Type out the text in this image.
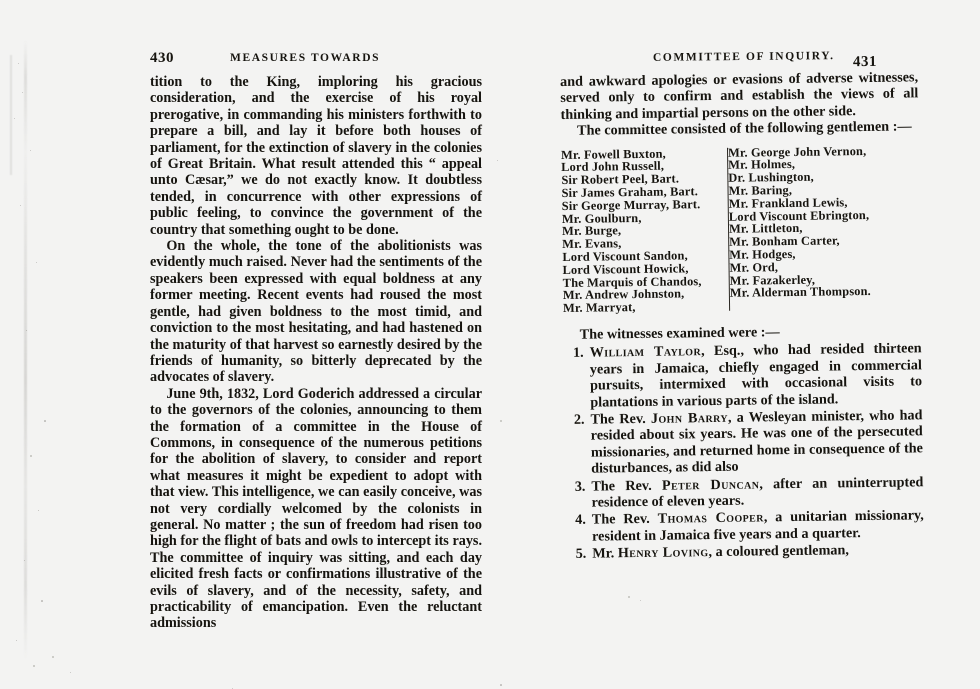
430	MEASURES TOWARDS

tition to the King, imploring his gracious consideration, and the exercise of his royal prerogative, in commanding his ministers forthwith to prepare a bill, and lay it before both houses of parliament, for the extinction of slavery in the colonies of Great Britain. What result attended this “ appeal unto Cæsar,” we do not exactly know. It doubtless tended, in concurrence with other expressions of public feeling, to convince the government of the country that something ought to be done.

On the whole, the tone of the abolitionists was evidently much raised. Never had the sentiments of the speakers been expressed with equal boldness at any former meeting. Recent events had roused the most gentle, had given boldness to the most timid, and conviction to the most hesitating, and had hastened on the maturity of that harvest so earnestly desired by the friends of humanity, so bitterly deprecated by the advocates of slavery.

June 9th, 1832, Lord Goderich addressed a circular to the governors of the colonies, announcing to them the formation of a committee in the House of Commons, in consequence of the numerous petitions for the abolition of slavery, to consider and report what measures it might be expedient to adopt with that view. This intelligence, we can easily conceive, was not very cordially welcomed by the colonists in general. No matter ; the sun of freedom had risen too high for the flight of bats and owls to intercept its rays. The committee of inquiry was sitting, and each day elicited fresh facts or confirmations illustrative of the evils of slavery, and of the necessity, safety, and practicability of emancipation. Even the reluctant admissions

COMMITTEE OF INQUIRY. 431

and awkward apologies or evasions of adverse witnesses, served only to confirm and establish the views of all thinking and impartial persons on the other side.

The committee consisted of the following gentlemen :—

Mr. Fowell Buxton,
Lord John Russell,
Sir Robert Peel, Bart.
Sir James Graham, Bart.
Sir George Murray, Bart.
Mr. Goulburn,
Mr. Burge,
Mr. Evans,
Lord Viscount Sandon,
Lord Viscount Howick,
The Marquis of Chandos,
Mr. Andrew Johnston,
Mr. Marryat,
Mr. George John Vernon,
Mr. Holmes,
Dr. Lushington,
Mr. Baring,
Mr. Frankland Lewis,
Lord Viscount Ebrington,
Mr. Littleton,
Mr. Bonham Carter,
Mr. Hodges,
Mr. Ord,
Mr. Fazakerley,
Mr. Alderman Thompson.

The witnesses examined were :—

1. William Taylor, Esq., who had resided thirteen years in Jamaica, chiefly engaged in commercial pursuits, intermixed with occasional visits to plantations in various parts of the island.
2. The Rev. John Barry, a Wesleyan minister, who had resided about six years. He was one of the persecuted missionaries, and returned home in consequence of the disturbances, as did also
3. The Rev. Peter Duncan, after an uninterrupted residence of eleven years.
4. The Rev. Thomas Cooper, a unitarian missionary, resident in Jamaica five years and a quarter.
5. Mr. Henry Loving, a coloured gentleman,
